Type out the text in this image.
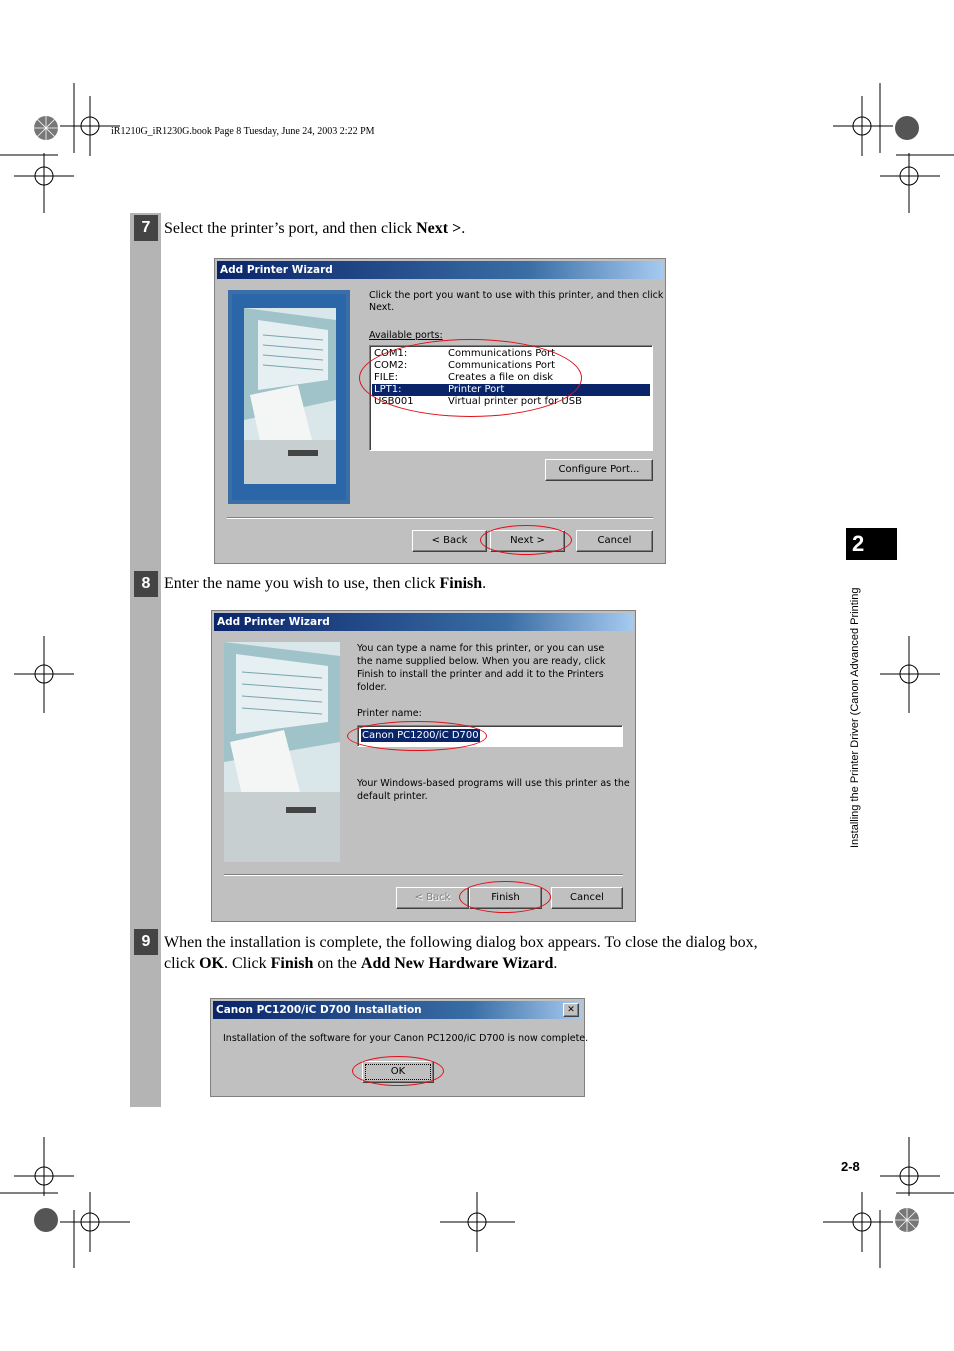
iR1210G_iR1230G.book Page 8 Tuesday, June 24, 2003 2:22 PM
2
Installing the Printer Driver (Canon Advanced Printing
2-8
7 Select the printer’s port, and then click Next >.
Add Printer Wizard
Click the port you want to use with this printer, and then click
Next.
Available ports:
COM1:	Communications Port
COM2:	Communications Port
FILE:	Creates a file on disk
LPT1:	Printer Port
USB001	Virtual printer port for USB
Configure Port...
< Back	Next >	Cancel
8 Enter the name you wish to use, then click Finish.
Add Printer Wizard
You can type a name for this printer, or you can use
the name supplied below. When you are ready, click
Finish to install the printer and add it to the Printers
folder.
Printer name:
Canon PC1200/iC D700
Your Windows-based programs will use this printer as the
default printer.
< Back	Finish	Cancel
9 When the installation is complete, the following dialog box appears. To close the dialog box,
click OK. Click Finish on the Add New Hardware Wizard.
Canon PC1200/iC D700 Installation	✕
Installation of the software for your Canon PC1200/iC D700 is now complete.
OK
